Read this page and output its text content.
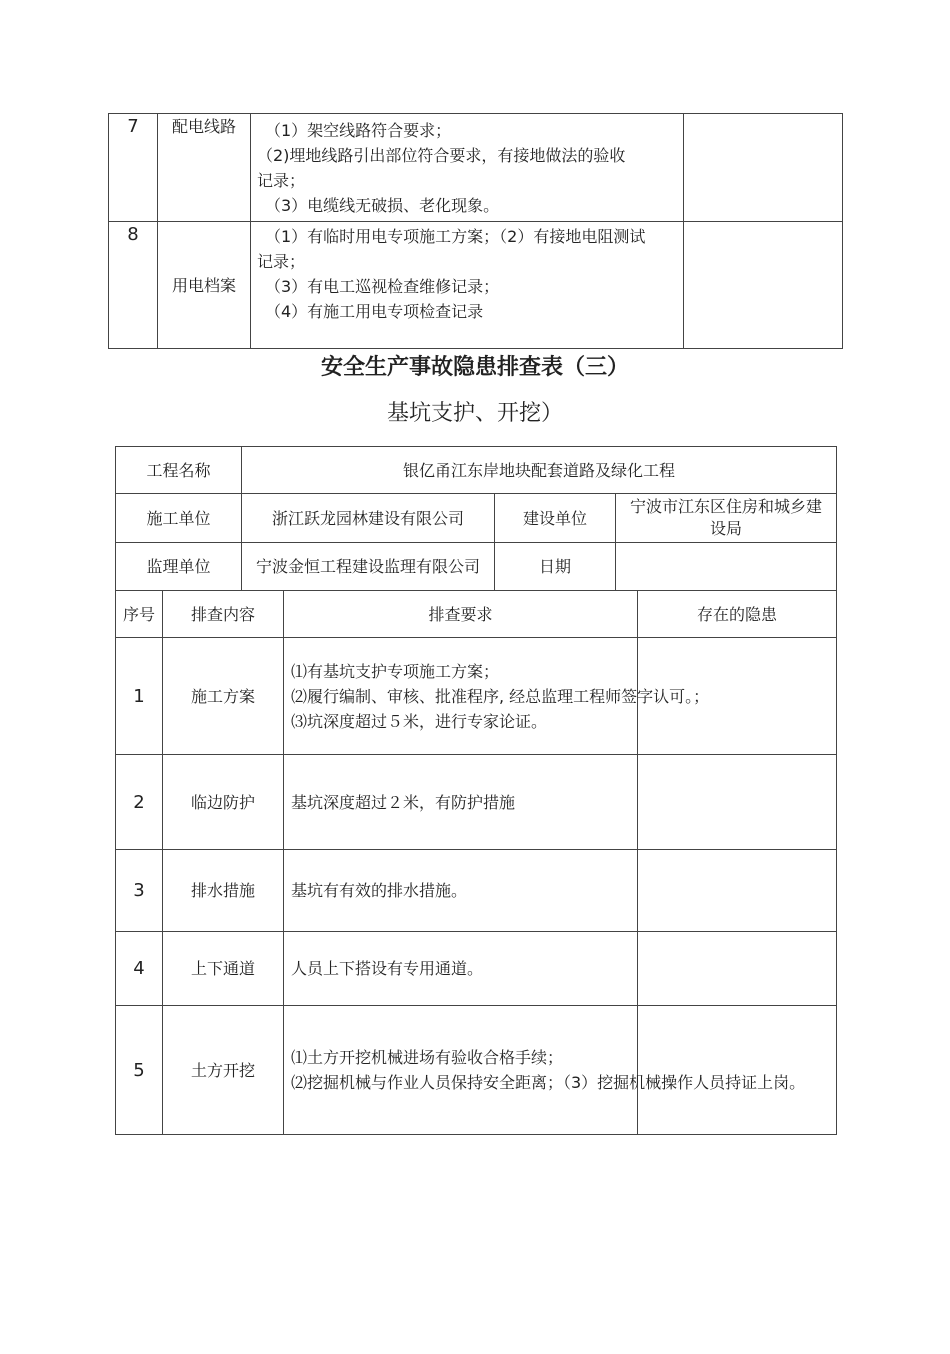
7	配电线路	（1）架空线路符合要求；
（2)埋地线路引出部位符合要求，有接地做法的验收
记录；
（3）电缆线无破损、老化现象。	

8	用电档案	（1）有临时用电专项施工方案；（2）有接地电阻测试
记录；
（3）有电工巡视检查维修记录；
（4）有施工用电专项检查记录	

安全生产事故隐患排查表（三）
基坑支护、开挖）
工程名称	银亿甬江东岸地块配套道路及绿化工程		
施工单位	浙江跃龙园林建设有限公司	建设单位	宁波市江东区住房和城乡建设局
监理单位	宁波金恒工程建设监理有限公司	日期	
序号	排查内容	排查要求	存在的隐患
1	施工方案	⑴有基坑支护专项施工方案；
⑵履行编制、审核、批准程序, 经总监理工程师签字认可。；
⑶坑深度超过５米，进行专家论证。	

2	临边防护	基坑深度超过２米，有防护措施	

3	排水措施	基坑有有效的排水措施。	

4	上下通道	人员上下搭设有专用通道。	

5	土方开挖	⑴土方开挖机械进场有验收合格手续；
⑵挖掘机械与作业人员保持安全距离；（3）挖掘机械操作人员持证上岗。	
